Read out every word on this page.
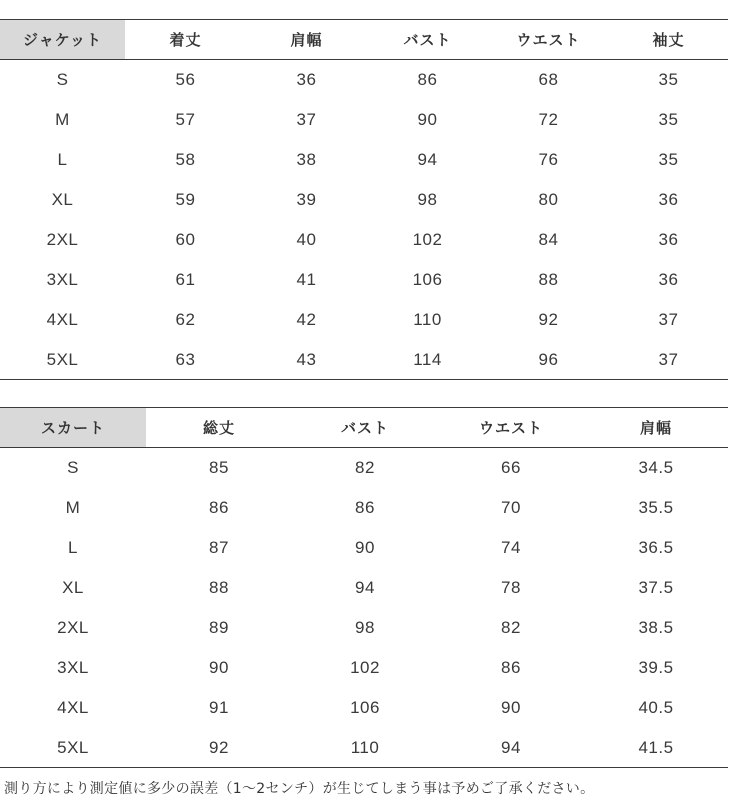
ジャケット	着丈	肩幅	バスト	ウエスト	袖丈
S	56	36	86	68	35
M	57	37	90	72	35
L	58	38	94	76	35
XL	59	39	98	80	36
2XL	60	40	102	84	36
3XL	61	41	106	88	36
4XL	62	42	110	92	37
5XL	63	43	114	96	37
スカート	総丈	バスト	ウエスト	肩幅
S	85	82	66	34.5
M	86	86	70	35.5
L	87	90	74	36.5
XL	88	94	78	37.5
2XL	89	98	82	38.5
3XL	90	102	86	39.5
4XL	91	106	90	40.5
5XL	92	110	94	41.5
測り方により測定値に多少の誤差（1～2センチ）が生じてしまう事は予めご了承ください。
